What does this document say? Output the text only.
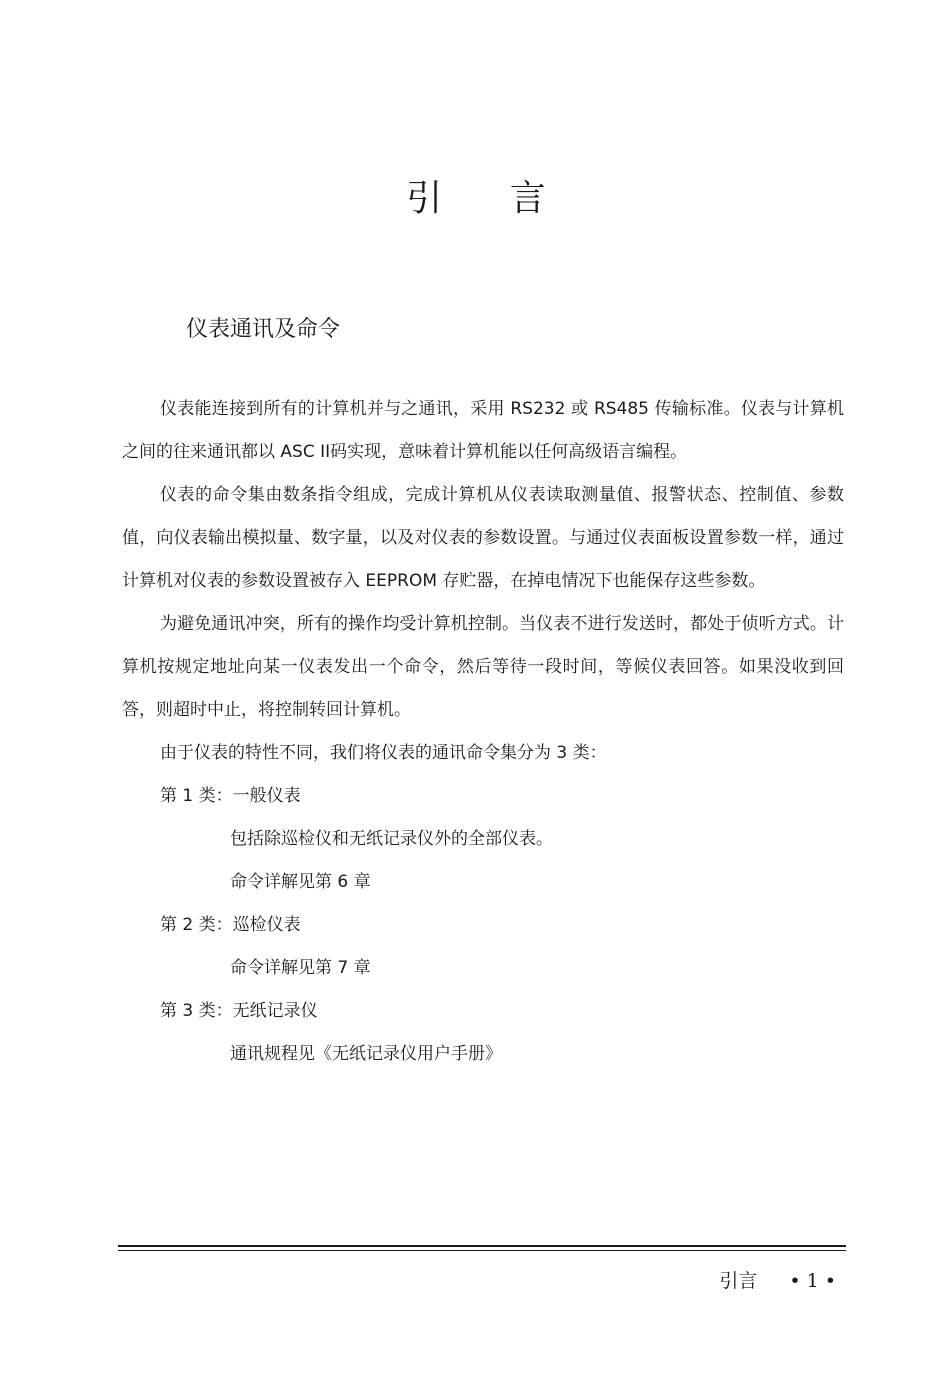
引 言
仪表通讯及命令

仪表能连接到所有的计算机并与之通讯，采用 RS232 或 RS485 传输标准。仪表与计算机之间的往来通讯都以 ASC II码实现，意味着计算机能以任何高级语言编程。

仪表的命令集由数条指令组成，完成计算机从仪表读取测量值、报警状态、控制值、参数值，向仪表输出模拟量、数字量，以及对仪表的参数设置。与通过仪表面板设置参数一样，通过计算机对仪表的参数设置被存入 EEPROM 存贮器，在掉电情况下也能保存这些参数。

为避免通讯冲突，所有的操作均受计算机控制。当仪表不进行发送时，都处于侦听方式。计算机按规定地址向某一仪表发出一个命令，然后等待一段时间，等候仪表回答。如果没收到回答，则超时中止，将控制转回计算机。

由于仪表的特性不同，我们将仪表的通讯命令集分为 3 类：

第 1 类：一般仪表

包括除巡检仪和无纸记录仪外的全部仪表。

命令详解见第 6 章

第 2 类：巡检仪表

命令详解见第 7 章

第 3 类：无纸记录仪

通讯规程见《无纸记录仪用户手册》

引言 • 1 •
